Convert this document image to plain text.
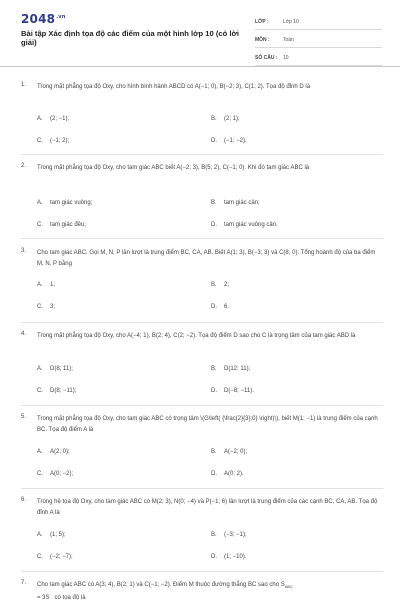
$2048^{.vn}$
Bài tập Xác định tọa độ các điểm của một hình lớp 10 (có lời giải)
LỚP :	Lớp 10
MÔN :	Toán
SỐ CÂU : 10
1. Trong mặt phẳng tọa độ Oxy, cho hình bình hành ABCD có A(−1; 0), B(−2; 3), C(1; 2). Tọa độ đỉnh D là
A. (2; −1);	B. (2; 1);
C. (−1; 2);	D. (−1; −2).
2. Trong mặt phẳng tọa độ Oxy, cho tam giác ABC biết A(−2; 3), B(5; 2), C(−1; 0). Khi đó tam giác ABC là
A. tam giác vuông;	B. tam giác cân;
C. tam giác đều;	D. tam giác vuông cân.
3. Cho tam giác ABC. Gọi M, N, P lần lượt là trung điểm BC, CA, AB. Biết A(1; 3), B(−3; 3) và C(8; 0). Tổng hoành độ của ba điểm M, N, P bằng
A. 1;	B. 2;
C. 3;	D. 6.
4. Trong mặt phẳng tọa độ Oxy, cho A(−4; 1), B(2; 4), C(2; −2). Tọa độ điểm D sao cho C là trọng tâm của tam giác ABD là
A. D(8; 11);	B. D(12; 11);
C. D(8; −11);	D. D(−8; −11).
5. Trong mặt phẳng tọa độ Oxy, cho tam giác ABC có trọng tâm \(G\left( {\frac{2}{3};0} \right)\), biết M(1; −1) là trung điểm của cạnh BC. Tọa độ điểm A là
A. A(2; 0);	B. A(−2; 0);
C. A(0; −2);	D. A(0; 2).
6. Trong hệ tọa độ Oxy, cho tam giác ABC có M(2; 3), N(0; −4) và P(−1; 6) lần lượt là trung điểm của các cạnh BC, CA, AB. Tọa độ đỉnh A là
A. (1; 5);	B. (−3; −1);
C. (−2; −7);	D. (1; −10).
7. Cho tam giác ABC có A(3; 4), B(2; 1) và C(−1; −2). Điểm M thuộc đường thẳng BC sao cho $S_{ABC}$
= 3S có tọa độ là
